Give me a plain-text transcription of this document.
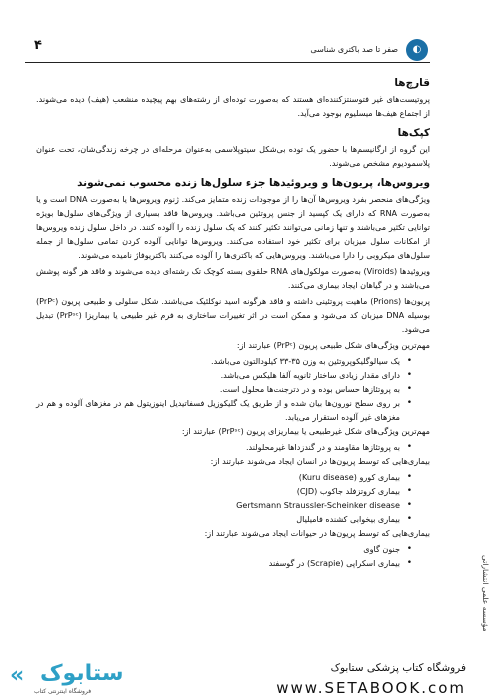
۴	صفر تا صد باکتری شناسی	◐
قارچ‌ها

پروتیست‌های غیر فتوسنتزکننده‌ای هستند که به‌صورت توده‌ای از رشته‌های بهم پیچیده منشعب (هیف) دیده می‌شوند. از اجتماع هیف‌ها میسلیوم بوجود می‌آید.

کپک‌ها

این گروه از ارگانیسم‌ها با حضور یک توده بی‌شکل سیتوپلاسمی به‌عنوان مرحله‌ای در چرخه زندگی‌شان، تحت عنوان پلاسمودیوم مشخص می‌شوند.

ویروس‌ها، پریون‌ها و ویروئیدها جزء سلول‌ها زنده محسوب نمی‌شوند

ویژگی‌های منحصر بفرد ویروس‌ها آن‌ها را از موجودات زنده متمایز می‌کند. ژنوم ویروس‌ها یا به‌صورت DNA است و یا به‌صورت RNA که دارای یک کپسید از جنس پروتئین می‌باشد. ویروس‌ها فاقد بسیاری از ویژگی‌های سلول‌ها بویژه توانایی تکثیر می‌باشند و تنها زمانی می‌توانند تکثیر کنند که یک سلول زنده را آلوده کنند. در داخل سلول زنده ویروس‌ها از امکانات سلول میزبان برای تکثیر خود استفاده می‌کنند. ویروس‌ها توانایی آلوده کردن تمامی سلول‌ها از جمله سلول‌های میکروبی را دارا می‌باشند. ویروس‌هایی که باکتری‌ها را آلوده می‌کنند باکتریوفاژ نامیده می‌شوند.

ویروئیدها (Viroids) به‌صورت مولکول‌های RNA حلقوی بسته کوچک تک رشته‌ای دیده می‌شوند و فاقد هر گونه پوشش می‌باشند و در گیاهان ایجاد بیماری می‌کنند.

پریون‌ها (Prions) ماهیت پروتئینی داشته و فاقد هرگونه اسید نوکلئیک می‌باشند. شکل سلولی و طبیعی پریون (PrPᶜ) بوسیله DNA میزبان کد می‌شود و ممکن است در اثر تغییرات ساختاری به فرم غیر طبیعی یا بیماریزا (PrPˢᶜ) تبدیل می‌شود.

مهم‌ترین ویژگی‌های شکل طبیعی پریون (PrPᶜ) عبارتند از:

• یک سیالوگلیکوپروتئین به وزن ۳۵-۳۳ کیلودالتون می‌باشد.
• دارای مقدار زیادی ساختار ثانویه آلفا هلیکس می‌باشد.
• به پروتئازها حساس بوده و در دترجنت‌ها محلول است.
• بر روی سطح نورون‌ها بیان شده و از طریق یک گلیکوزیل فسفاتیدیل اینوزیتول هم در مغزهای آلوده و هم در مغزهای غیر آلوده استقرار می‌یابد.

مهم‌ترین ویژگی‌های شکل غیرطبیعی یا بیماریزای پریون (PrPˢᶜ) عبارتند از:

• به پروتئازها مقاومند و در گندزداها غیرمحلولند.

بیماری‌هایی که توسط پریون‌ها در انسان ایجاد می‌شوند عبارتند از:

• بیماری کورو (Kuru disease)
• بیماری کروتزفلد جاکوب (CJD)
• Gertsmann Straussler-Scheinker disease
• بیماری بیخوابی کشنده فامیلیال

بیماری‌هایی که توسط پریون‌ها در حیوانات ایجاد می‌شوند عبارتند از:

• جنون گاوی
• بیماری اسکراپی (Scrapie) در گوسفند	مؤسسه علمی انتشاراتی
« ستابوک
فروشگاه اینترنتی کتاب
فروشگاه کتاب پزشکی ستابوک
www.SETABOOK.com
